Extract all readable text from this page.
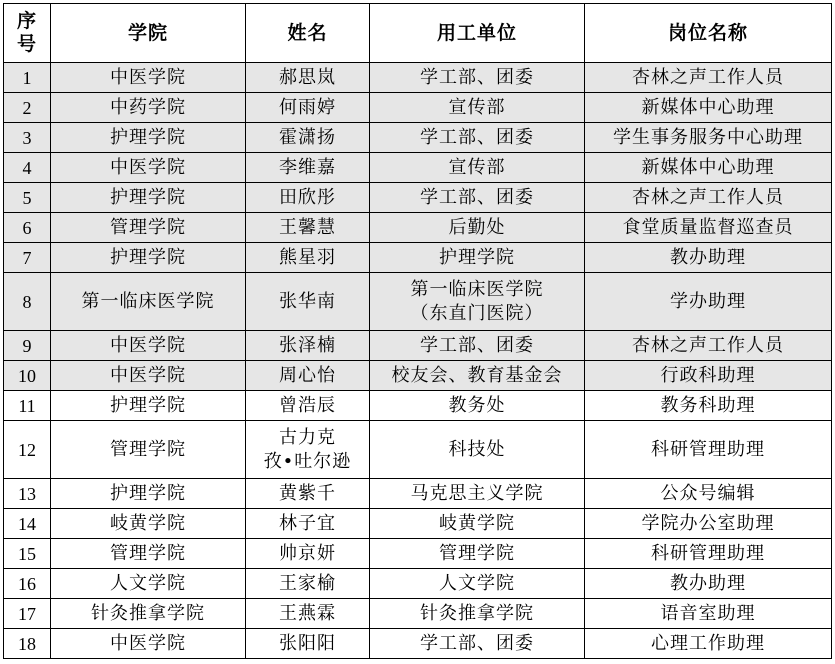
序
号	学院	姓名	用工单位	岗位名称
1	中医学院	郝思岚	学工部、团委	杏林之声工作人员
2	中药学院	何雨婷	宣传部	新媒体中心助理
3	护理学院	霍潇扬	学工部、团委	学生事务服务中心助理
4	中医学院	李维嘉	宣传部	新媒体中心助理
5	护理学院	田欣彤	学工部、团委	杏林之声工作人员
6	管理学院	王馨慧	后勤处	食堂质量监督巡查员
7	护理学院	熊星羽	护理学院	教办助理
8	第一临床医学院	张华南	第一临床医学院
（东直门医院）	学办助理
9	中医学院	张泽楠	学工部、团委	杏林之声工作人员
10	中医学院	周心怡	校友会、教育基金会	行政科助理
11	护理学院	曾浩辰	教务处	教务科助理
12	管理学院	古力克
孜•吐尔逊	科技处	科研管理助理
13	护理学院	黄紫千	马克思主义学院	公众号编辑
14	岐黄学院	林子宜	岐黄学院	学院办公室助理
15	管理学院	帅京妍	管理学院	科研管理助理
16	人文学院	王家榆	人文学院	教办助理
17	针灸推拿学院	王燕霖	针灸推拿学院	语音室助理
18	中医学院	张阳阳	学工部、团委	心理工作助理
